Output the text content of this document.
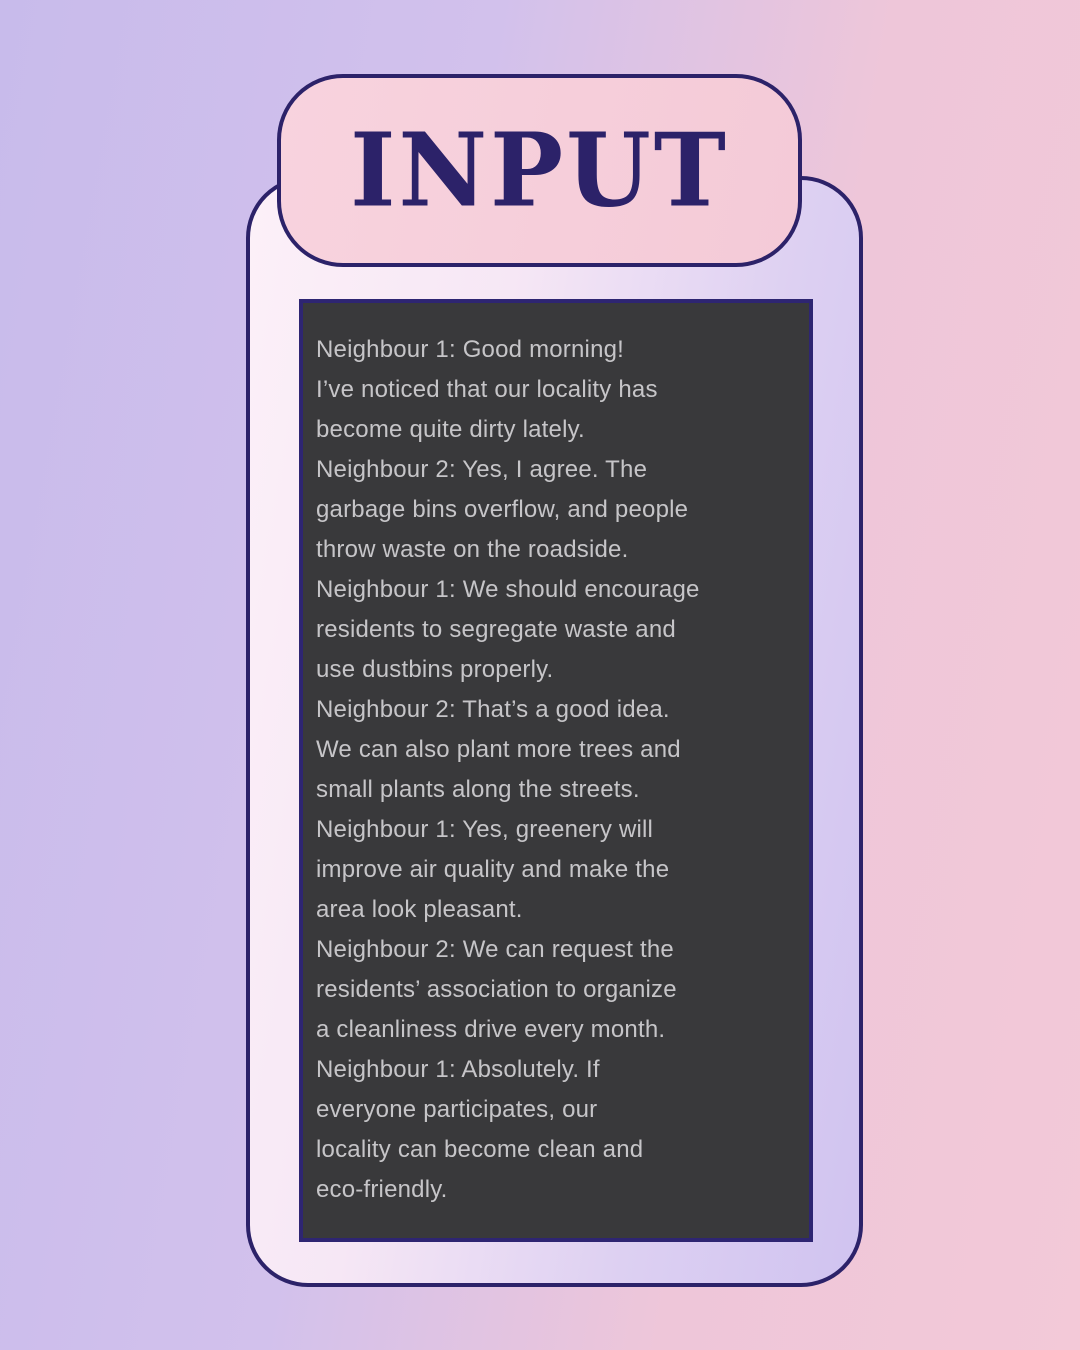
INPUT
Neighbour 1: Good morning!
I’ve noticed that our locality has
become quite dirty lately.
Neighbour 2: Yes, I agree. The
garbage bins overflow, and people
throw waste on the roadside.
Neighbour 1: We should encourage
residents to segregate waste and
use dustbins properly.
Neighbour 2: That’s a good idea.
We can also plant more trees and
small plants along the streets.
Neighbour 1: Yes, greenery will
improve air quality and make the
area look pleasant.
Neighbour 2: We can request the
residents’ association to organize
a cleanliness drive every month.
Neighbour 1: Absolutely. If
everyone participates, our
locality can become clean and
eco-friendly.
